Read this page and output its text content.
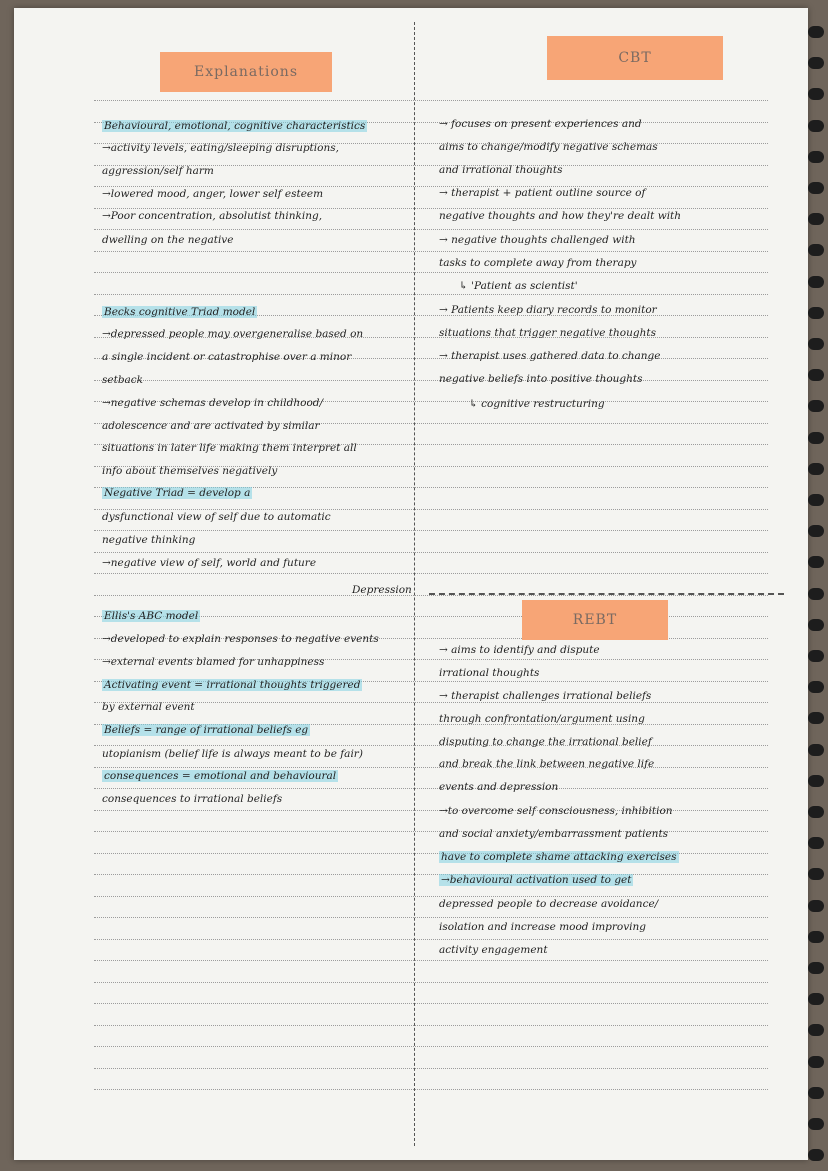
Explanations
CBT
REBT
Behavioural, emotional, cognitive characteristics
→activity levels, eating/sleeping disruptions,
aggression/self harm
→lowered mood, anger, lower self esteem
→Poor concentration, absolutist thinking,
dwelling on the negative
Becks cognitive Triad model
→depressed people may overgeneralise based on
a single incident or catastrophise over a minor
setback
→negative schemas develop in childhood/
adolescence and are activated by similar
situations in later life making them interpret all
info about themselves negatively
Negative Triad = develop a
dysfunctional view of self due to automatic
negative thinking
→negative view of self, world and future
Ellis's ABC model
→developed to explain responses to negative events
→external events blamed for unhappiness
Activating event = irrational thoughts triggered
by external event
Beliefs = range of irrational beliefs eg
utopianism (belief life is always meant to be fair)
consequences = emotional and behavioural
consequences to irrational beliefs
→ focuses on present experiences and
aims to change/modify negative schemas
and irrational thoughts
→ therapist + patient outline source of
negative thoughts and how they're dealt with
→ negative thoughts challenged with
tasks to complete away from therapy
↳ 'Patient as scientist'
→ Patients keep diary records to monitor
situations that trigger negative thoughts
→ therapist uses gathered data to change
negative beliefs into positive thoughts
↳ cognitive restructuring
→ aims to identify and dispute
irrational thoughts
→ therapist challenges irrational beliefs
through confrontation/argument using
disputing to change the irrational belief
and break the link between negative life
events and depression
→to overcome self consciousness, inhibition
and social anxiety/embarrassment patients
have to complete shame attacking exercises
→behavioural activation used to get
depressed people to decrease avoidance/
isolation and increase mood improving
activity engagement
Depression
